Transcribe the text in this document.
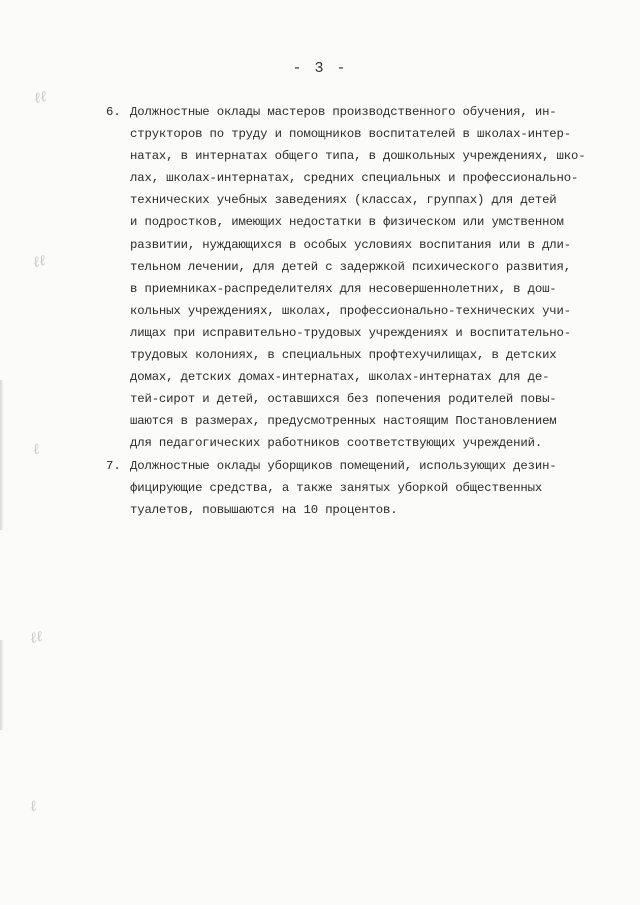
ℓℓ
ℓℓ
ℓ
ℓℓ
ℓ
- 3 -
6. Должностные оклады мастеров производственного обучения, ин-
структоров по труду и помощников воспитателей в школах-интер-
натах, в интернатах общего типа, в дошкольных учреждениях, шко-
лах, школах-интернатах, средних специальных и профессионально-
технических учебных заведениях (классах, группах) для детей
и подростков, имеющих недостатки в физическом или умственном
развитии, нуждающихся в особых условиях воспитания или в дли-
тельном лечении, для детей с задержкой психического развития,
в приемниках-распределителях для несовершеннолетних, в дош-
кольных учреждениях, школах, профессионально-технических учи-
лищах при исправительно-трудовых учреждениях и воспитательно-
трудовых колониях, в специальных профтехучилищах, в детских
домах, детских домах-интернатах, школах-интернатах для де-
тей-сирот и детей, оставшихся без попечения родителей повы-
шаются в размерах, предусмотренных настоящим Постановлением
для педагогических работников соответствующих учреждений.
7. Должностные оклады уборщиков помещений, использующих дезин-
фицирующие средства, а также занятых уборкой общественных
туалетов, повышаются на 10 процентов.
